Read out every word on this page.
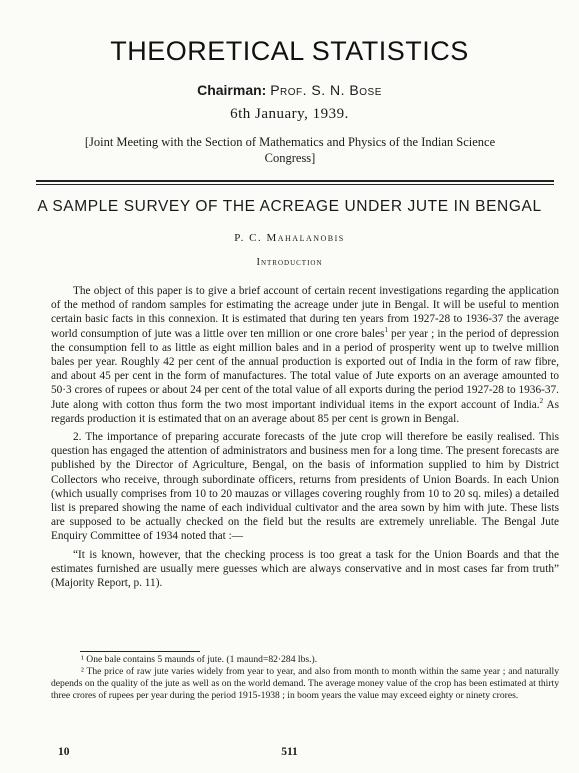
THEORETICAL STATISTICS
Chairman: Prof. S. N. Bose
6th January, 1939.
[Joint Meeting with the Section of Mathematics and Physics of the Indian Science Congress]
A SAMPLE SURVEY OF THE ACREAGE UNDER JUTE IN BENGAL
P. C. Mahalanobis
Introduction

The object of this paper is to give a brief account of certain recent investigations regarding the application of the method of random samples for estimating the acreage under jute in Bengal. It will be useful to mention certain basic facts in this connexion. It is estimated that during ten years from 1927-28 to 1936-37 the average world consumption of jute was a little over ten million or one crore bales$^1$ per year ; in the period of depression the consumption fell to as little as eight million bales and in a period of prosperity went up to twelve million bales per year. Roughly 42 per cent of the annual production is exported out of India in the form of raw fibre, and about 45 per cent in the form of manufactures. The total value of Jute exports on an average amounted to 50·3 crores of rupees or about 24 per cent of the total value of all exports during the period 1927-28 to 1936-37. Jute along with cotton thus form the two most important individual items in the export account of India.$^2$ As regards production it is estimated that on an average about 85 per cent is grown in Bengal.

2. The importance of preparing accurate forecasts of the jute crop will therefore be easily realised. This question has engaged the attention of administrators and business men for a long time. The present forecasts are published by the Director of Agriculture, Bengal, on the basis of information supplied to him by District Collectors who receive, through subordinate officers, returns from presidents of Union Boards. In each Union (which usually comprises from 10 to 20 mauzas or villages covering roughly from 10 to 20 sq. miles) a detailed list is prepared showing the name of each individual cultivator and the area sown by him with jute. These lists are supposed to be actually checked on the field but the results are extremely unreliable. The Bengal Jute Enquiry Committee of 1934 noted that :—

“It is known, however, that the checking process is too great a task for the Union Boards and that the estimates furnished are usually mere guesses which are always conservative and in most cases far from truth” (Majority Report, p. 11).

¹ One bale contains 5 maunds of jute. (1 maund=82·284 lbs.).

² The price of raw jute varies widely from year to year, and also from month to month within the same year ; and naturally depends on the quality of the jute as well as on the world demand. The average money value of the crop has been estimated at thirty three crores of rupees per year during the period 1915-1938 ; in boom years the value may exceed eighty or ninety crores.

10	511
